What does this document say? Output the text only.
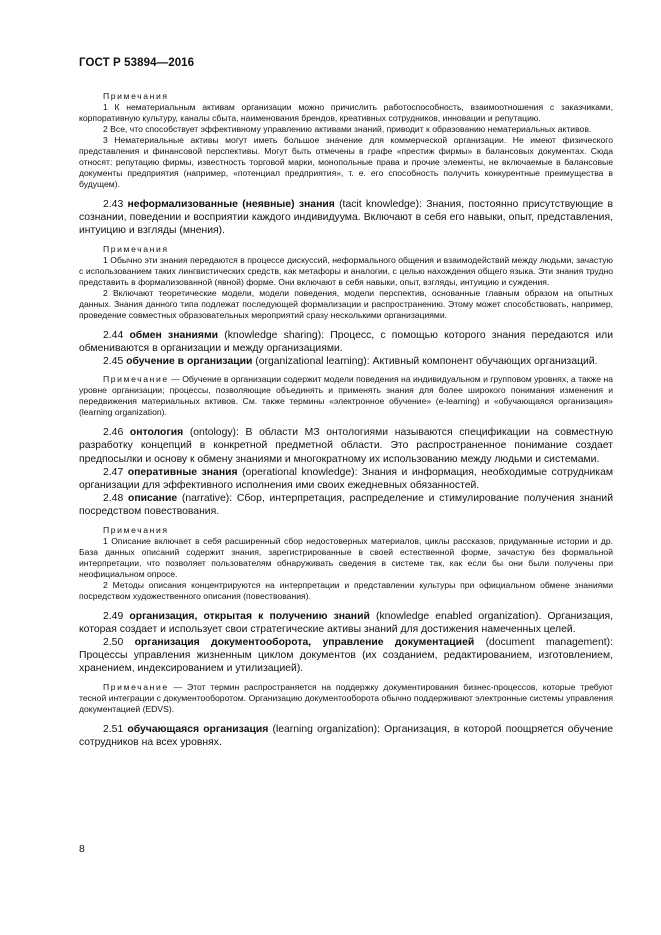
ГОСТ Р 53894—2016

Примечания

1 К нематериальным активам организации можно причислить работоспособность, взаимоотношения с заказчиками, корпоративную культуру, каналы сбыта, наименования брендов, креативных сотрудников, инновации и репутацию.

2 Все, что способствует эффективному управлению активами знаний, приводит к образованию нематериальных активов.

3 Нематериальные активы могут иметь большое значение для коммерческой организации. Не имеют физического представления и финансовой перспективы. Могут быть отмечены в графе «престиж фирмы» в балансовых документах. Сюда относят: репутацию фирмы, известность торговой марки, монопольные права и прочие элементы, не включаемые в балансовые документы предприятия (например, «потенциал предприятия», т. е. его способность получить конкурентные преимущества в будущем).

2.43 неформализованные (неявные) знания (tacit knowledge): Знания, постоянно присутствующие в сознании, поведении и восприятии каждого индивидуума. Включают в себя его навыки, опыт, представления, интуицию и взгляды (мнения).

Примечания

1 Обычно эти знания передаются в процессе дискуссий, неформального общения и взаимодействий между людьми, зачастую с использованием таких лингвистических средств, как метафоры и аналогии, с целью нахождения общего языка. Эти знания трудно представить в формализованной (явной) форме. Они включают в себя навыки, опыт, взгляды, интуицию и суждения.

2 Включают теоретические модели, модели поведения, модели перспектив, основанные главным образом на опытных данных. Знания данного типа подлежат последующей формализации и распространению. Этому может способствовать, например, проведение совместных образовательных мероприятий сразу несколькими организациями.

2.44 обмен знаниями (knowledge sharing): Процесс, с помощью которого знания передаются или обмениваются в организации и между организациями.

2.45 обучение в организации (organizational learning): Активный компонент обучающих организаций.

Примечание — Обучение в организации содержит модели поведения на индивидуальном и групповом уровнях, а также на уровне организации; процессы, позволяющие объединять и применять знания для более широкого понимания изменения и передвижения материальных активов. См. также термины «электронное обучение» (e-learning) и «обучающаяся организация» (learning organization).

2.46 онтология (ontology): В области МЗ онтологиями называются спецификации на совместную разработку концепций в конкретной предметной области. Это распространенное понимание создает предпосылки и основу к обмену знаниями и многократному их использованию между людьми и системами.

2.47 оперативные знания (operational knowledge): Знания и информация, необходимые сотрудникам организации для эффективного исполнения ими своих ежедневных обязанностей.

2.48 описание (narrative): Сбор, интерпретация, распределение и стимулирование получения знаний посредством повествования.

Примечания

1 Описание включает в себя расширенный сбор недостоверных материалов, циклы рассказов, придуманные истории и др. База данных описаний содержит знания, зарегистрированные в своей естественной форме, зачастую без формальной интерпретации, что позволяет пользователям обнаруживать сведения в системе так, как если бы они были получены при неофициальном опросе.

2 Методы описания концентрируются на интерпретации и представлении культуры при официальном обмене знаниями посредством художественного описания (повествования).

2.49 организация, открытая к получению знаний (knowledge enabled organization). Организация, которая создает и использует свои стратегические активы знаний для достижения намеченных целей.

2.50 организация документооборота, управление документацией (document management): Процессы управления жизненным циклом документов (их созданием, редактированием, изготовлением, хранением, индексированием и утилизацией).

Примечание — Этот термин распространяется на поддержку документирования бизнес-процессов, которые требуют тесной интеграции с документооборотом. Организацию документооборота обычно поддерживают электронные системы управления документацией (EDVS).

2.51 обучающаяся организация (learning organization): Организация, в которой поощряется обучение сотрудников на всех уровнях.

8
